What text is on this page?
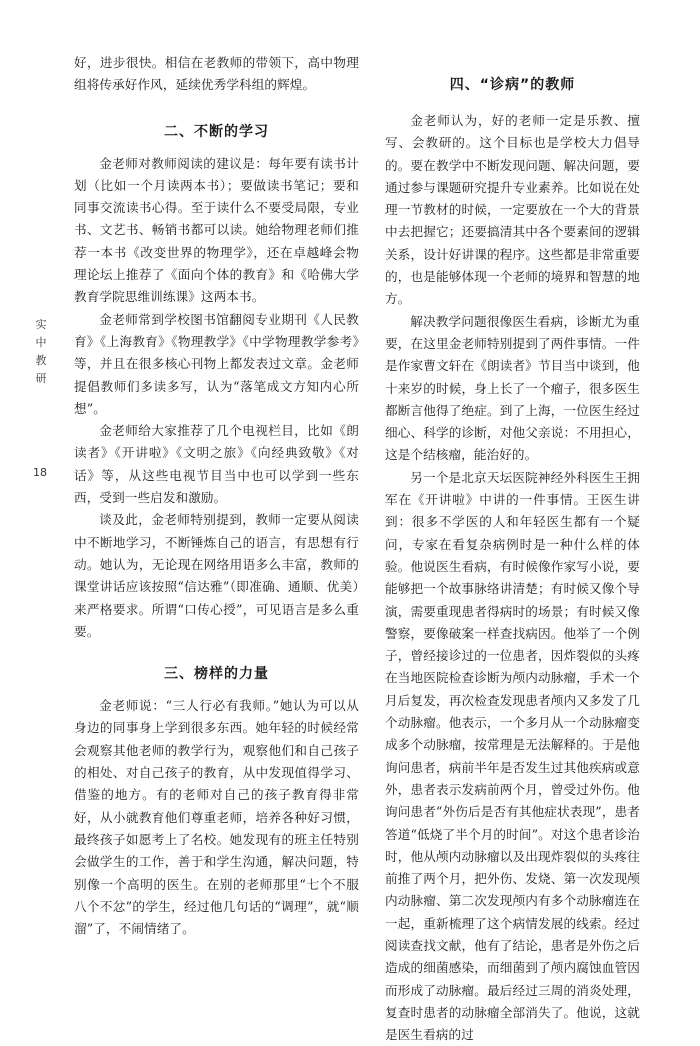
实
中
教
研
18

好，进步很快。相信在老教师的带领下，高中物理组将传承好作风，延续优秀学科组的辉煌。

二、不断的学习

金老师对教师阅读的建议是：每年要有读书计划（比如一个月读两本书）；要做读书笔记；要和同事交流读书心得。至于读什么不要受局限，专业书、文艺书、畅销书都可以读。她给物理老师们推荐一本书《改变世界的物理学》，还在卓越峰会物理论坛上推荐了《面向个体的教育》和《哈佛大学教育学院思维训练课》这两本书。

金老师常到学校图书馆翻阅专业期刊《人民教育》《上海教育》《物理教学》《中学物理教学参考》等，并且在很多核心刊物上都发表过文章。金老师提倡教师们多读多写，认为“落笔成文方知内心所想”。

金老师给大家推荐了几个电视栏目，比如《朗读者》《开讲啦》《文明之旅》《向经典致敬》《对话》等，从这些电视节目当中也可以学到一些东西，受到一些启发和激励。

谈及此，金老师特别提到，教师一定要从阅读中不断地学习，不断锤炼自己的语言，有思想有行动。她认为，无论现在网络用语多么丰富，教师的课堂讲话应该按照“信达雅”（即准确、通顺、优美）来严格要求。所谓“口传心授”，可见语言是多么重要。

三、榜样的力量

金老师说：“三人行必有我师。”她认为可以从身边的同事身上学到很多东西。她年轻的时候经常会观察其他老师的教学行为，观察他们和自己孩子的相处、对自己孩子的教育，从中发现值得学习、借鉴的地方。有的老师对自己的孩子教育得非常好，从小就教育他们尊重老师，培养各种好习惯，最终孩子如愿考上了名校。她发现有的班主任特别会做学生的工作，善于和学生沟通，解决问题，特别像一个高明的医生。在别的老师那里“七个不服八个不忿”的学生，经过他几句话的“调理”，就“顺溜”了，不闹情绪了。

四、“诊病”的教师

金老师认为，好的老师一定是乐教、擅写、会教研的。这个目标也是学校大力倡导的。要在教学中不断发现问题、解决问题，要通过参与课题研究提升专业素养。比如说在处理一节教材的时候，一定要放在一个大的背景中去把握它；还要搞清其中各个要素间的逻辑关系，设计好讲课的程序。这些都是非常重要的，也是能够体现一个老师的境界和智慧的地方。

解决教学问题很像医生看病，诊断尤为重要，在这里金老师特别提到了两件事情。一件是作家曹文轩在《朗读者》节目当中谈到，他十来岁的时候，身上长了一个瘤子，很多医生都断言他得了绝症。到了上海，一位医生经过细心、科学的诊断，对他父亲说：不用担心，这是个结核瘤，能治好的。

另一个是北京天坛医院神经外科医生王拥军在《开讲啦》中讲的一件事情。王医生讲到：很多不学医的人和年轻医生都有一个疑问，专家在看复杂病例时是一种什么样的体验。他说医生看病，有时候像作家写小说，要能够把一个故事脉络讲清楚；有时候又像个导演，需要重现患者得病时的场景；有时候又像警察，要像破案一样查找病因。他举了一个例子，曾经接诊过的一位患者，因炸裂似的头疼在当地医院检查诊断为颅内动脉瘤，手术一个月后复发，再次检查发现患者颅内又多发了几个动脉瘤。他表示，一个多月从一个动脉瘤变成多个动脉瘤，按常理是无法解释的。于是他询问患者，病前半年是否发生过其他疾病或意外，患者表示发病前两个月，曾受过外伤。他询问患者“外伤后是否有其他症状表现”，患者答道“低烧了半个月的时间”。对这个患者诊治时，他从颅内动脉瘤以及出现炸裂似的头疼往前推了两个月，把外伤、发烧、第一次发现颅内动脉瘤、第二次发现颅内有多个动脉瘤连在一起，重新梳理了这个病情发展的线索。经过阅读查找文献，他有了结论，患者是外伤之后造成的细菌感染，而细菌到了颅内腐蚀血管因而形成了动脉瘤。最后经过三周的消炎处理，复查时患者的动脉瘤全部消失了。他说，这就是医生看病的过
